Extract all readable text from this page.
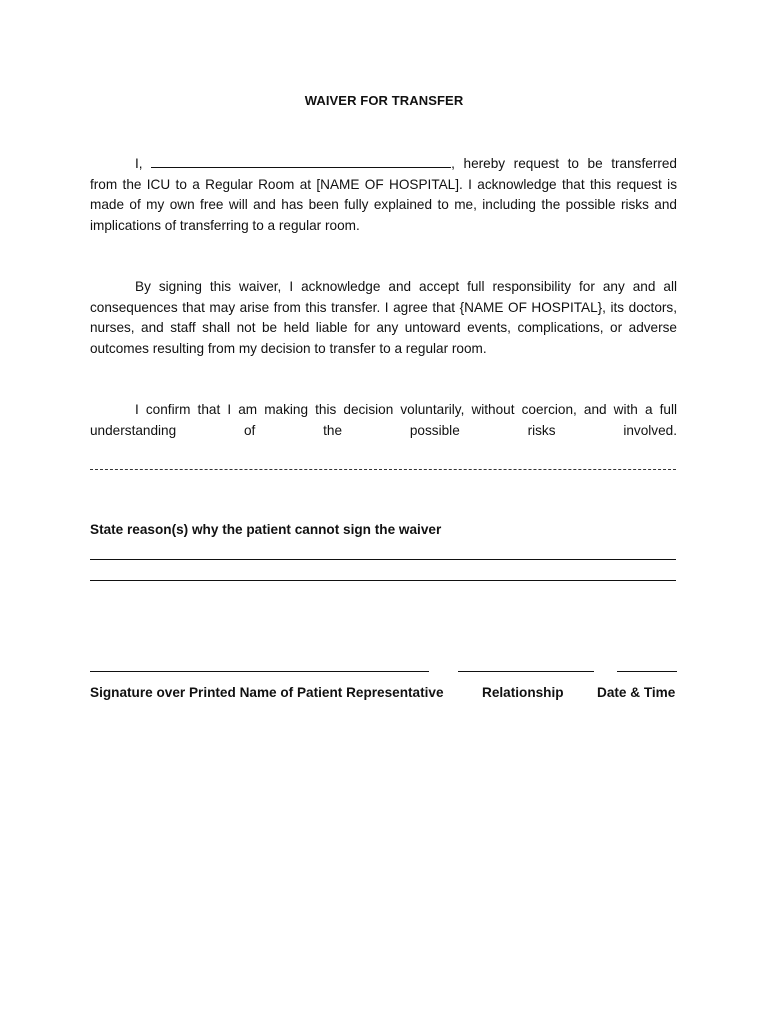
WAIVER FOR TRANSFER

I,	, hereby request to be transferred from the ICU to a Regular Room at [NAME OF HOSPITAL]. I acknowledge that this request is made of my own free will and has been fully explained to me, including the possible risks and implications of transferring to a regular room.

By signing this waiver, I acknowledge and accept full responsibility for any and all consequences that may arise from this transfer. I agree that {NAME OF HOSPITAL}, its doctors, nurses, and staff shall not be held liable for any untoward events, complications, or adverse outcomes resulting from my decision to transfer to a regular room.

I confirm that I am making this decision voluntarily, without coercion, and with a full understanding of the possible risks involved.

State reason(s) why the patient cannot sign the waiver
Signature over Printed Name of Patient Representative	Relationship Date & Time
